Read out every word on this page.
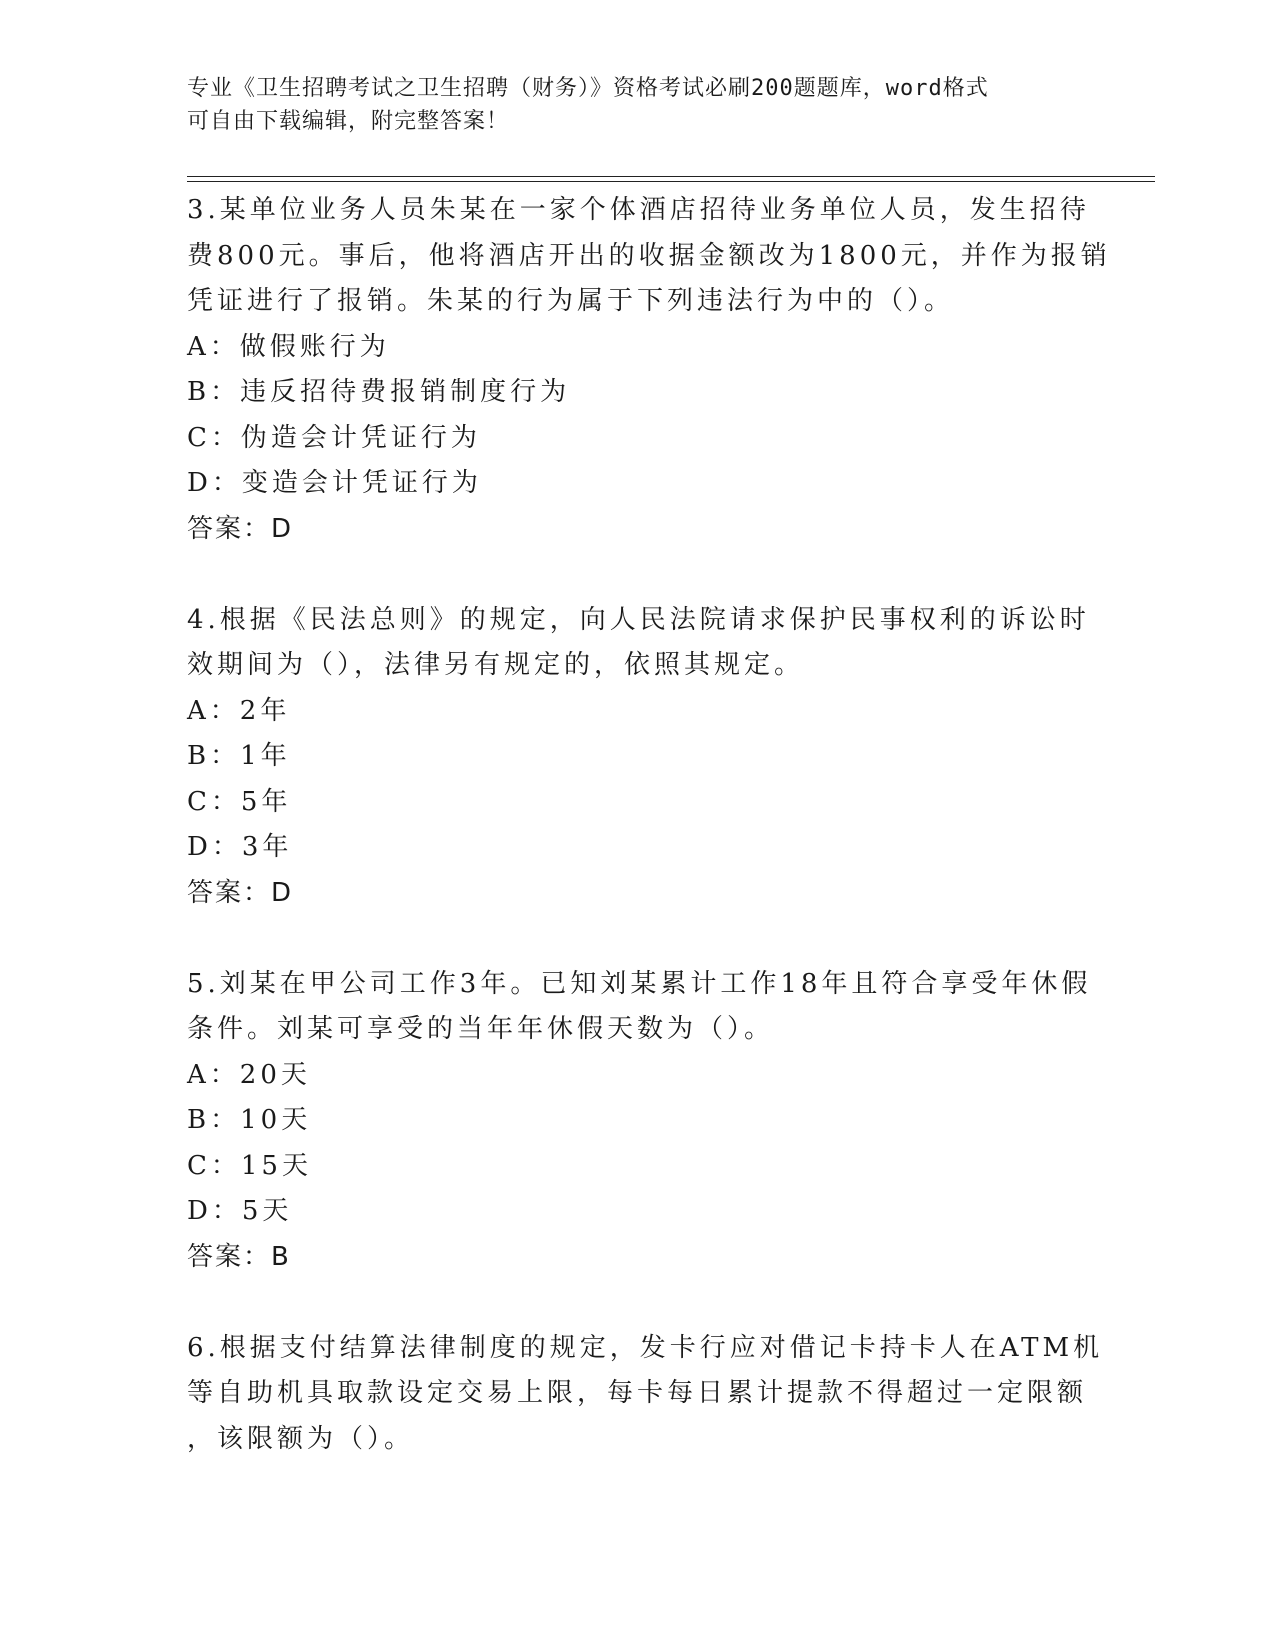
专业《卫生招聘考试之卫生招聘（财务）》资格考试必刷200题题库，word格式
可自由下载编辑，附完整答案！
3.某单位业务人员朱某在一家个体酒店招待业务单位人员，发生招待
费800元。事后，他将酒店开出的收据金额改为1800元，并作为报销
凭证进行了报销。朱某的行为属于下列违法行为中的（）。
A：做假账行为
B：违反招待费报销制度行为
C：伪造会计凭证行为
D：变造会计凭证行为
答案：D
4.根据《民法总则》的规定，向人民法院请求保护民事权利的诉讼时
效期间为（），法律另有规定的，依照其规定。
A：2年
B：1年
C：5年
D：3年
答案：D
5.刘某在甲公司工作3年。已知刘某累计工作18年且符合享受年休假
条件。刘某可享受的当年年休假天数为（）。
A：20天
B：10天
C：15天
D：5天
答案：B
6.根据支付结算法律制度的规定，发卡行应对借记卡持卡人在ATM机
等自助机具取款设定交易上限，每卡每日累计提款不得超过一定限额
，该限额为（）。
